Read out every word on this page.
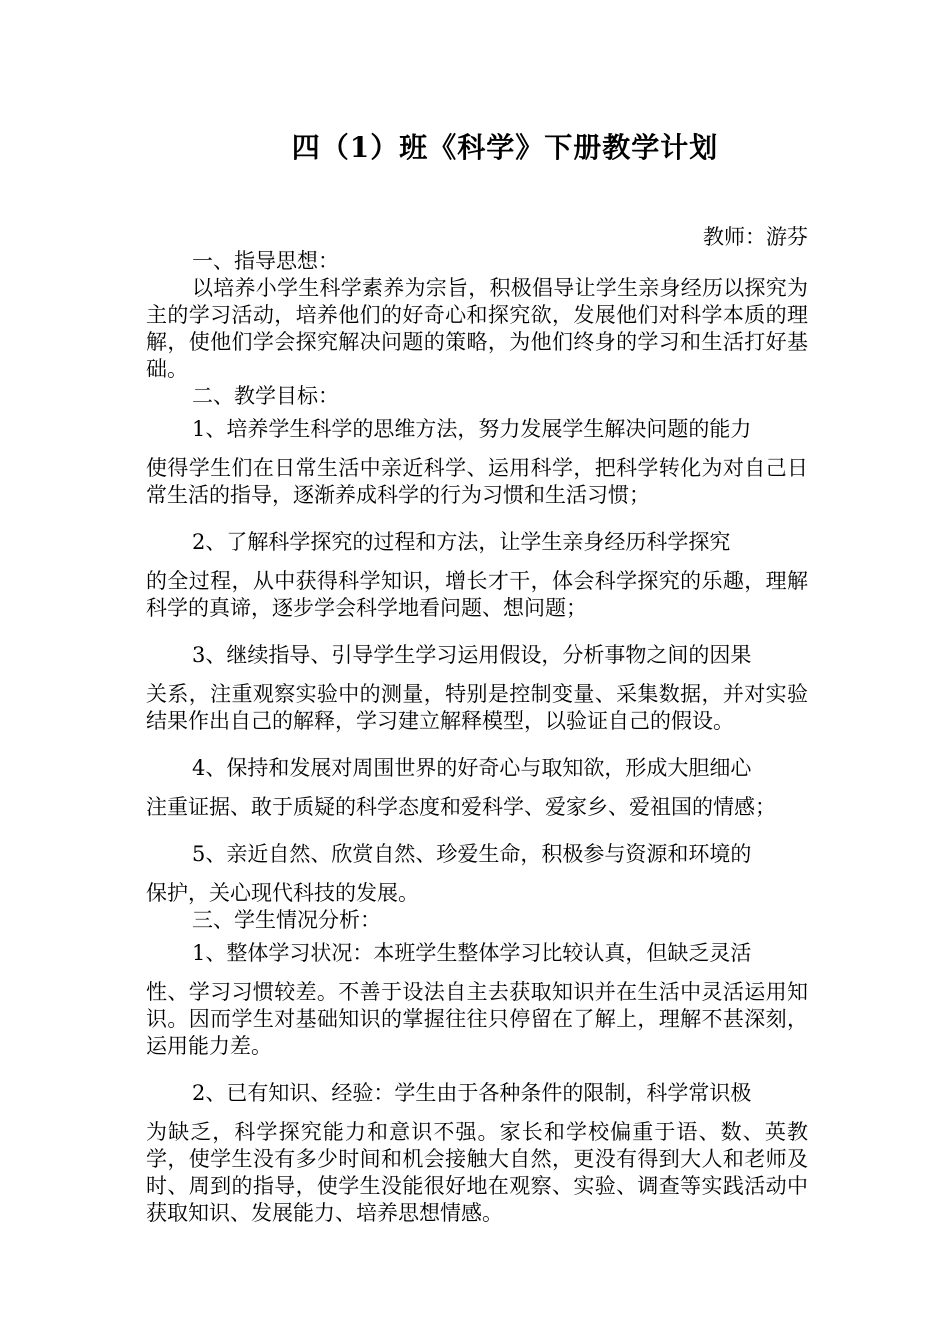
四（1）班《科学》下册教学计划
教师：游芬

一、指导思想：

以培养小学生科学素养为宗旨，积极倡导让学生亲身经历以探究为主的学习活动，培养他们的好奇心和探究欲，发展他们对科学本质的理解，使他们学会探究解决问题的策略，为他们终身的学习和生活打好基础。

二、教学目标：

1、培养学生科学的思维方法，努力发展学生解决问题的能力
使得学生们在日常生活中亲近科学、运用科学，把科学转化为对自己日常生活的指导，逐渐养成科学的行为习惯和生活习惯；
2、了解科学探究的过程和方法，让学生亲身经历科学探究
的全过程，从中获得科学知识，增长才干，体会科学探究的乐趣，理解科学的真谛，逐步学会科学地看问题、想问题；
3、继续指导、引导学生学习运用假设，分析事物之间的因果
关系，注重观察实验中的测量，特别是控制变量、采集数据，并对实验结果作出自己的解释，学习建立解释模型，以验证自己的假设。
4、保持和发展对周围世界的好奇心与取知欲，形成大胆细心
注重证据、敢于质疑的科学态度和爱科学、爱家乡、爱祖国的情感；
5、亲近自然、欣赏自然、珍爱生命，积极参与资源和环境的
保护，关心现代科技的发展。

三、学生情况分析：

1、整体学习状况：本班学生整体学习比较认真，但缺乏灵活
性、学习习惯较差。不善于设法自主去获取知识并在生活中灵活运用知识。因而学生对基础知识的掌握往往只停留在了解上，理解不甚深刻，运用能力差。
2、已有知识、经验：学生由于各种条件的限制，科学常识极
为缺乏，科学探究能力和意识不强。家长和学校偏重于语、数、英教学，使学生没有多少时间和机会接触大自然，更没有得到大人和老师及时、周到的指导，使学生没能很好地在观察、实验、调查等实践活动中获取知识、发展能力、培养思想情感。
